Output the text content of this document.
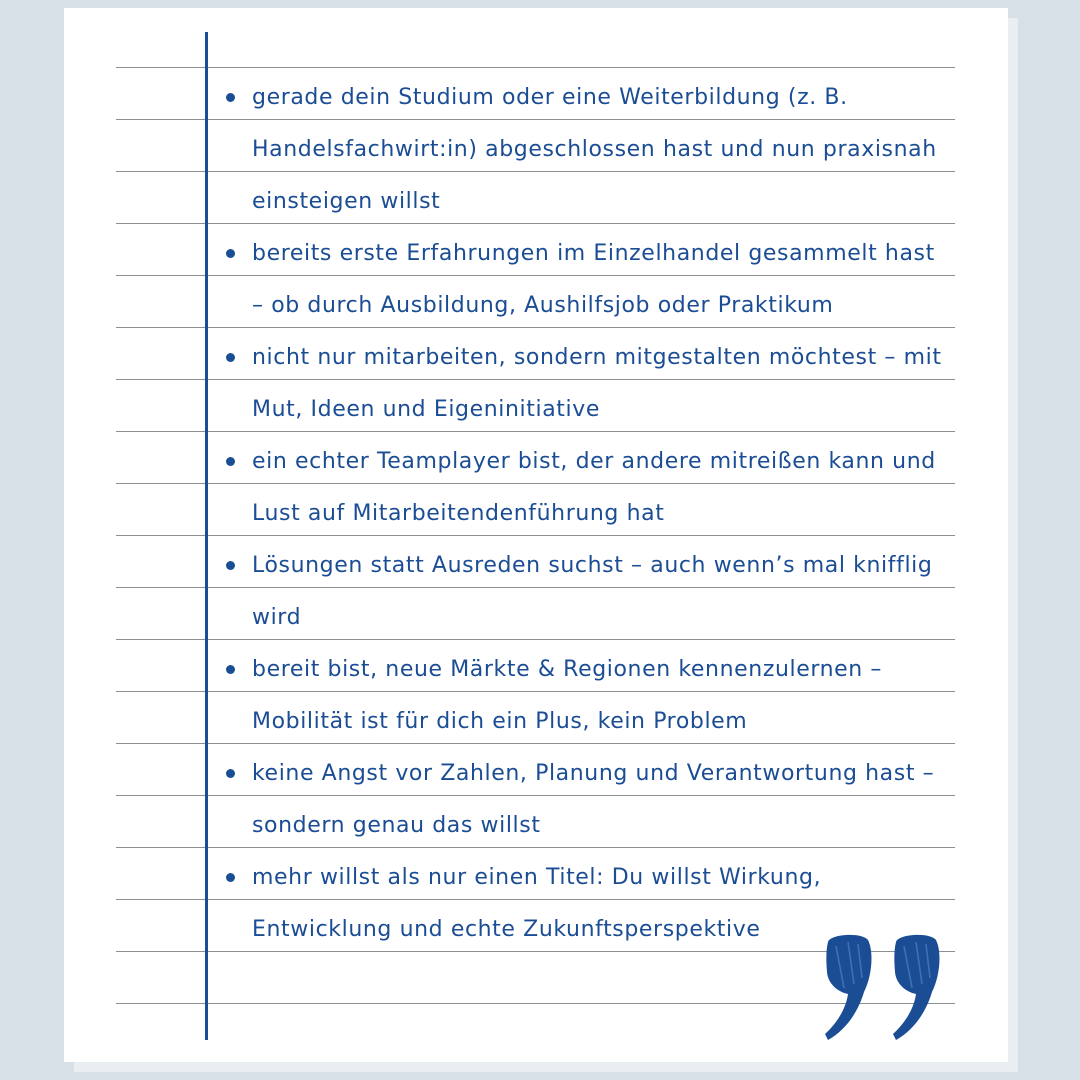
gerade dein Studium oder eine Weiterbildung (z. B. Handelsfachwirt:in) abgeschlossen hast und nun praxisnah einsteigen willst
bereits erste Erfahrungen im Einzelhandel gesammelt hast – ob durch Ausbildung, Aushilfsjob oder Praktikum
nicht nur mitarbeiten, sondern mitgestalten möchtest – mit Mut, Ideen und Eigeninitiative
ein echter Teamplayer bist, der andere mitreißen kann und Lust auf Mitarbeitendenführung hat
Lösungen statt Ausreden suchst – auch wenn’s mal knifflig wird
bereit bist, neue Märkte & Regionen kennenzulernen – Mobilität ist für dich ein Plus, kein Problem
keine Angst vor Zahlen, Planung und Verantwortung hast – sondern genau das willst
mehr willst als nur einen Titel: Du willst Wirkung, Entwicklung und echte Zukunftsperspektive
